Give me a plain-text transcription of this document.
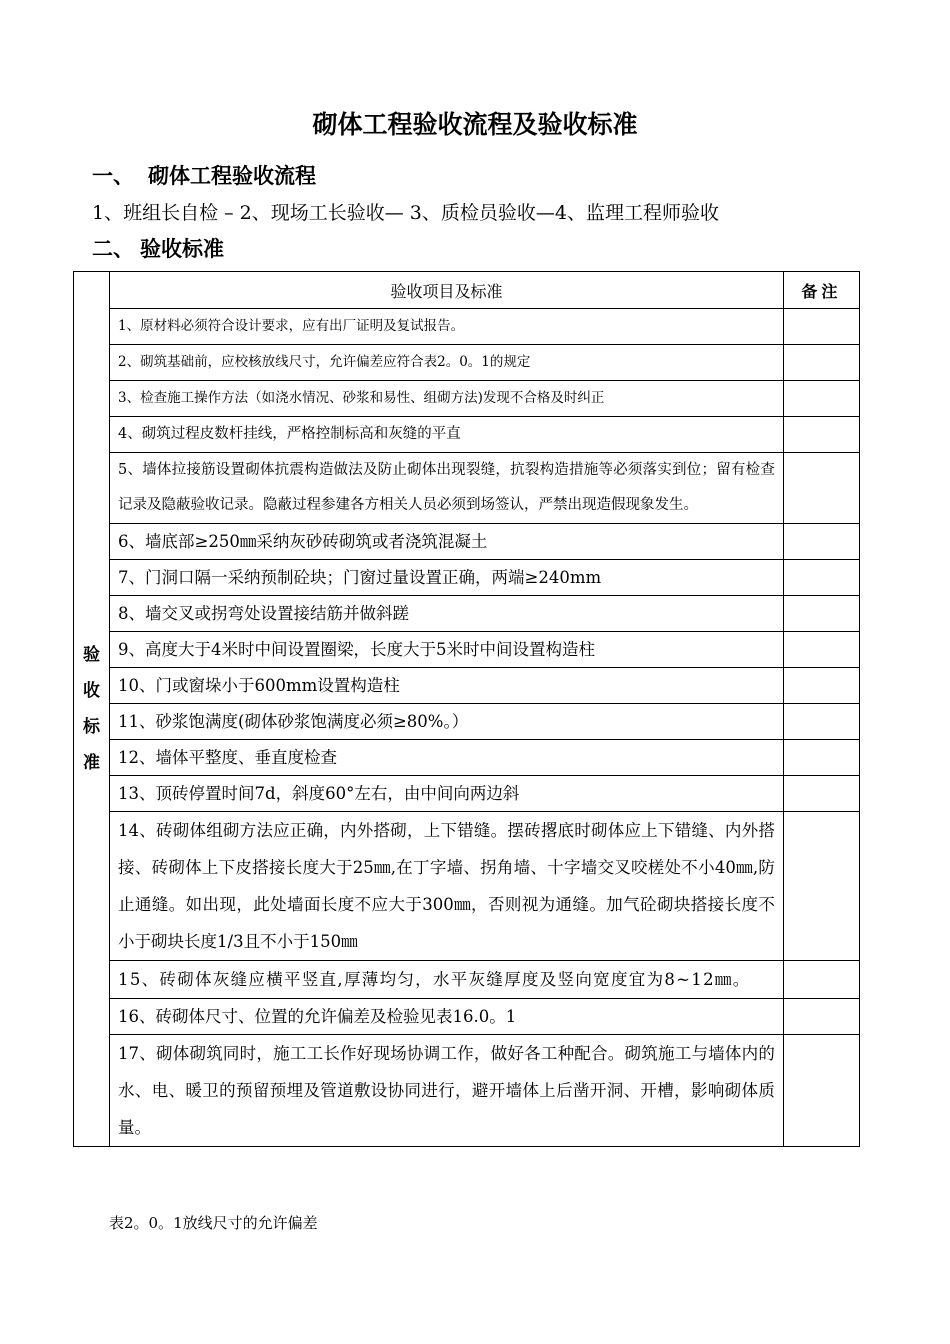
砌体工程验收流程及验收标准
一、 砌体工程验收流程

1、班组长自检 – 2、现场工长验收— 3、质检员验收—4、监理工程师验收

二、 验收标准
验
收
标
准	验收项目及标准	备注
	1、原材料必须符合设计要求，应有出厂证明及复试报告。	
	2、砌筑基础前，应校核放线尺寸，允许偏差应符合表2。0。1的规定	
	3、检查施工操作方法（如浇水情况、砂浆和易性、组砌方法)发现不合格及时纠正	
	4、砌筑过程皮数杆挂线，严格控制标高和灰缝的平直	
	5、墙体拉接筋设置砌体抗震构造做法及防止砌体出现裂缝，抗裂构造措施等必须落实到位；留有检查记录及隐蔽验收记录。隐蔽过程参建各方相关人员必须到场签认，严禁出现造假现象发生。	
	6、墙底部≥250㎜采纳灰砂砖砌筑或者浇筑混凝土	
	7、门洞口隔一采纳预制砼块；门窗过量设置正确，两端≥240mm	
	8、墙交叉或拐弯处设置接结筋并做斜蹉	
	9、高度大于4米时中间设置圈梁，长度大于5米时中间设置构造柱	
	10、门或窗垛小于600mm设置构造柱	
	11、砂浆饱满度(砌体砂浆饱满度必须≥80%。）	
	12、墙体平整度、垂直度检查	
	13、顶砖停置时间7d，斜度60°左右，由中间向两边斜	
	14、砖砌体组砌方法应正确，内外搭砌，上下错缝。摆砖撂底时砌体应上下错缝、内外搭接、砖砌体上下皮搭接长度大于25㎜,在丁字墙、拐角墙、十字墙交叉咬槎处不小40㎜,防止通缝。如出现，此处墙面长度不应大于300㎜，否则视为通缝。加气砼砌块搭接长度不小于砌块长度1/3且不小于150㎜	
	15、砖砌体灰缝应横平竖直,厚薄均匀，水平灰缝厚度及竖向宽度宜为8~12㎜。	
	16、砖砌体尺寸、位置的允许偏差及检验见表16.0。1	
	17、砌体砌筑同时，施工工长作好现场协调工作，做好各工种配合。砌筑施工与墙体内的水、电、暖卫的预留预埋及管道敷设协同进行，避开墙体上后凿开洞、开槽，影响砌体质量。	

表2。0。1放线尺寸的允许偏差
